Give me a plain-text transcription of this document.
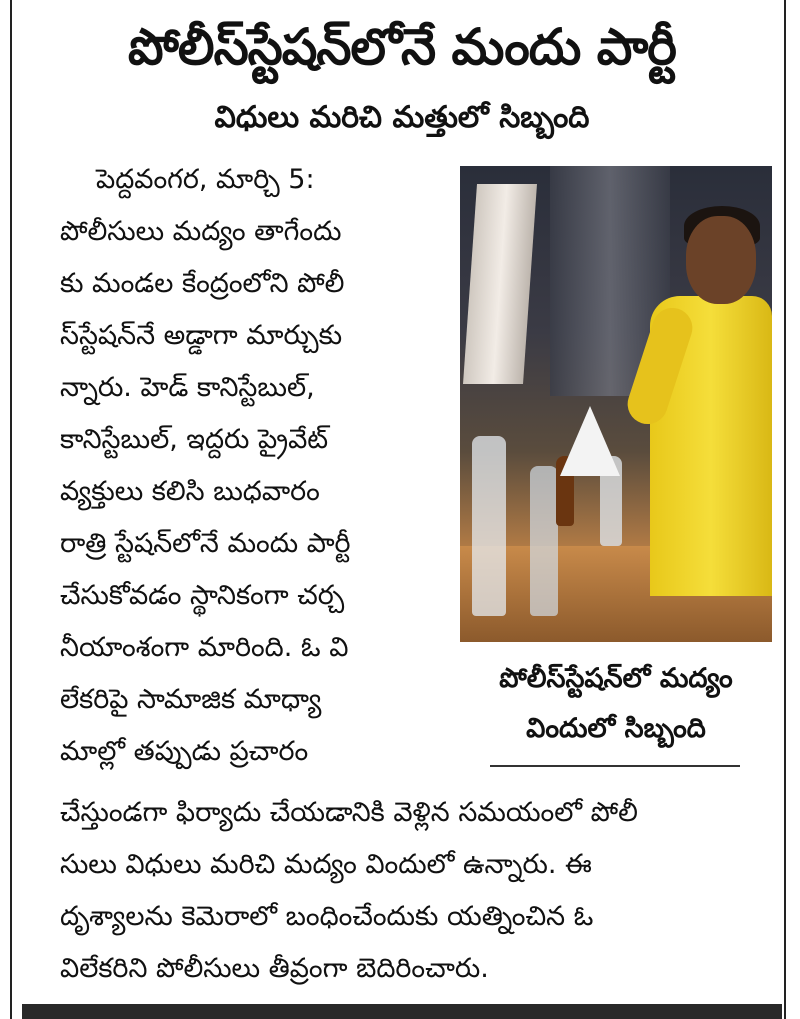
పోలీస్‌స్టేషన్‌లోనే మందు పార్టీ
విధులు మరిచి మత్తులో సిబ్బంది
పెద్దవంగర, మార్చి 5:
పోలీసులు మద్యం తాగేందు
కు మండల కేంద్రంలోని పోలీ
స్‌స్టేషన్‌నే అడ్డాగా మార్చుకు
న్నారు. హెడ్ కానిస్టేబుల్,
కానిస్టేబుల్, ఇద్దరు ప్రైవేట్
వ్యక్తులు కలిసి బుధవారం
రాత్రి స్టేషన్‌లోనే మందు పార్టీ
చేసుకోవడం స్థానికంగా చర్చ
నీయాంశంగా మారింది. ఓ వి
లేకరిపై సామాజిక మాధ్యా
మాల్లో తప్పుడు ప్రచారం
పోలీస్‌స్టేషన్‌లో మద్యం
విందులో సిబ్బంది
చేస్తుండగా ఫిర్యాదు చేయడానికి వెళ్లిన సమయంలో పోలీ
సులు విధులు మరిచి మద్యం విందులో ఉన్నారు. ఈ
దృశ్యాలను కెమెరాలో బంధించేందుకు యత్నించిన ఓ
విలేకరిని పోలీసులు తీవ్రంగా బెదిరించారు.
